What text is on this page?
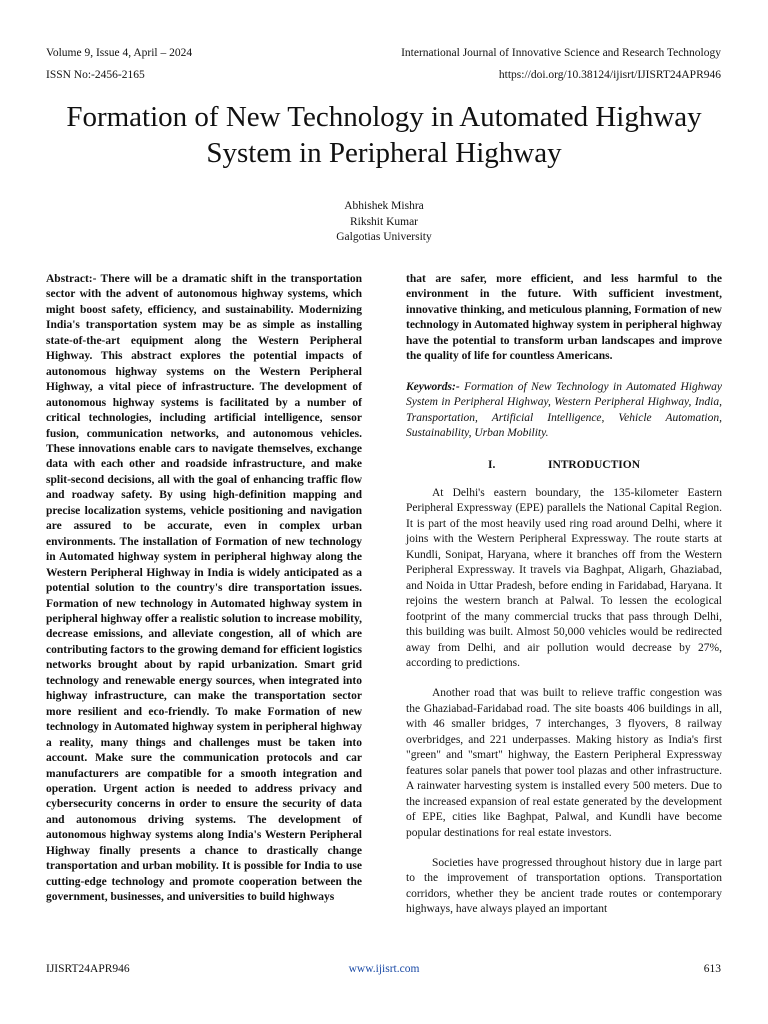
Volume 9, Issue 4, April – 2024
ISSN No:-2456-2165
International Journal of Innovative Science and Research Technology
https://doi.org/10.38124/ijisrt/IJISRT24APR946
Formation of New Technology in Automated Highway System in Peripheral Highway
Abhishek Mishra
Rikshit Kumar
Galgotias University

Abstract:- There will be a dramatic shift in the transportation sector with the advent of autonomous highway systems, which might boost safety, efficiency, and sustainability. Modernizing India's transportation system may be as simple as installing state-of-the-art equipment along the Western Peripheral Highway. This abstract explores the potential impacts of autonomous highway systems on the Western Peripheral Highway, a vital piece of infrastructure. The development of autonomous highway systems is facilitated by a number of critical technologies, including artificial intelligence, sensor fusion, communication networks, and autonomous vehicles. These innovations enable cars to navigate themselves, exchange data with each other and roadside infrastructure, and make split-second decisions, all with the goal of enhancing traffic flow and roadway safety. By using high-definition mapping and precise localization systems, vehicle positioning and navigation are assured to be accurate, even in complex urban environments. The installation of Formation of new technology in Automated highway system in peripheral highway along the Western Peripheral Highway in India is widely anticipated as a potential solution to the country's dire transportation issues. Formation of new technology in Automated highway system in peripheral highway offer a realistic solution to increase mobility, decrease emissions, and alleviate congestion, all of which are contributing factors to the growing demand for efficient logistics networks brought about by rapid urbanization. Smart grid technology and renewable energy sources, when integrated into highway infrastructure, can make the transportation sector more resilient and eco-friendly. To make Formation of new technology in Automated highway system in peripheral highway a reality, many things and challenges must be taken into account. Make sure the communication protocols and car manufacturers are compatible for a smooth integration and operation. Urgent action is needed to address privacy and cybersecurity concerns in order to ensure the security of data and autonomous driving systems. The development of autonomous highway systems along India's Western Peripheral Highway finally presents a chance to drastically change transportation and urban mobility. It is possible for India to use cutting-edge technology and promote cooperation between the government, businesses, and universities to build highways

that are safer, more efficient, and less harmful to the environment in the future. With sufficient investment, innovative thinking, and meticulous planning, Formation of new technology in Automated highway system in peripheral highway have the potential to transform urban landscapes and improve the quality of life for countless Americans.

Keywords:- Formation of New Technology in Automated Highway System in Peripheral Highway, Western Peripheral Highway, India, Transportation, Artificial Intelligence, Vehicle Automation, Sustainability, Urban Mobility.

I.	INTRODUCTION

At Delhi's eastern boundary, the 135-kilometer Eastern Peripheral Expressway (EPE) parallels the National Capital Region. It is part of the most heavily used ring road around Delhi, where it joins with the Western Peripheral Expressway. The route starts at Kundli, Sonipat, Haryana, where it branches off from the Western Peripheral Expressway. It travels via Baghpat, Aligarh, Ghaziabad, and Noida in Uttar Pradesh, before ending in Faridabad, Haryana. It rejoins the western branch at Palwal. To lessen the ecological footprint of the many commercial trucks that pass through Delhi, this building was built. Almost 50,000 vehicles would be redirected away from Delhi, and air pollution would decrease by 27%, according to predictions.

Another road that was built to relieve traffic congestion was the Ghaziabad-Faridabad road. The site boasts 406 buildings in all, with 46 smaller bridges, 7 interchanges, 3 flyovers, 8 railway overbridges, and 221 underpasses. Making history as India's first "green" and "smart" highway, the Eastern Peripheral Expressway features solar panels that power tool plazas and other infrastructure. A rainwater harvesting system is installed every 500 meters. Due to the increased expansion of real estate generated by the development of EPE, cities like Baghpat, Palwal, and Kundli have become popular destinations for real estate investors.

Societies have progressed throughout history due in large part to the improvement of transportation options. Transportation corridors, whether they be ancient trade routes or contemporary highways, have always played an important

IJISRT24APR946	www.ijisrt.com	613
